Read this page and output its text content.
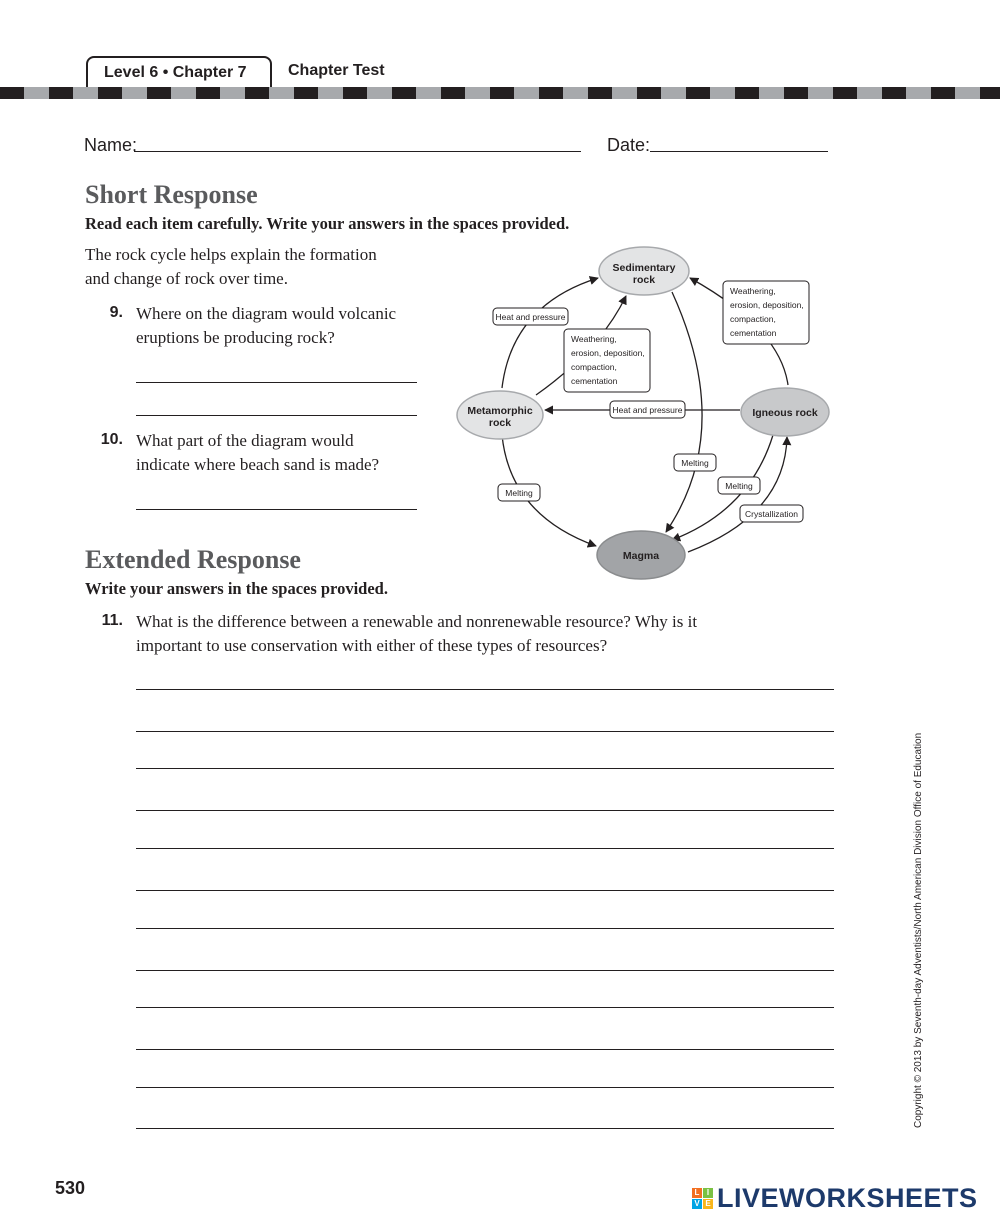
Level 6 • Chapter 7	Chapter Test
Name:	Date:
Short Response
Read each item carefully. Write your answers in the spaces provided.
The rock cycle helps explain the formation
and change of rock over time.
9. Where on the diagram would volcanic
eruptions be producing rock?
10. What part of the diagram would
indicate where beach sand is made?
Sedimentary
rock
Metamorphic
rock
Igneous rock
Magma
Heat and pressure
Weathering,
erosion, deposition,
compaction,
cementation
Weathering,
erosion, deposition,
compaction,
cementation
Heat and pressure
Melting
Melting
Melting
Crystallization
Extended Response
Write your answers in the spaces provided.
11. What is the difference between a renewable and nonrenewable resource? Why is it
important to use conservation with either of these types of resources?
Copyright © 2013 by Seventh-day Adventists/North American Division Office of Education
530	L I
V E LIVEWORKSHEETS
